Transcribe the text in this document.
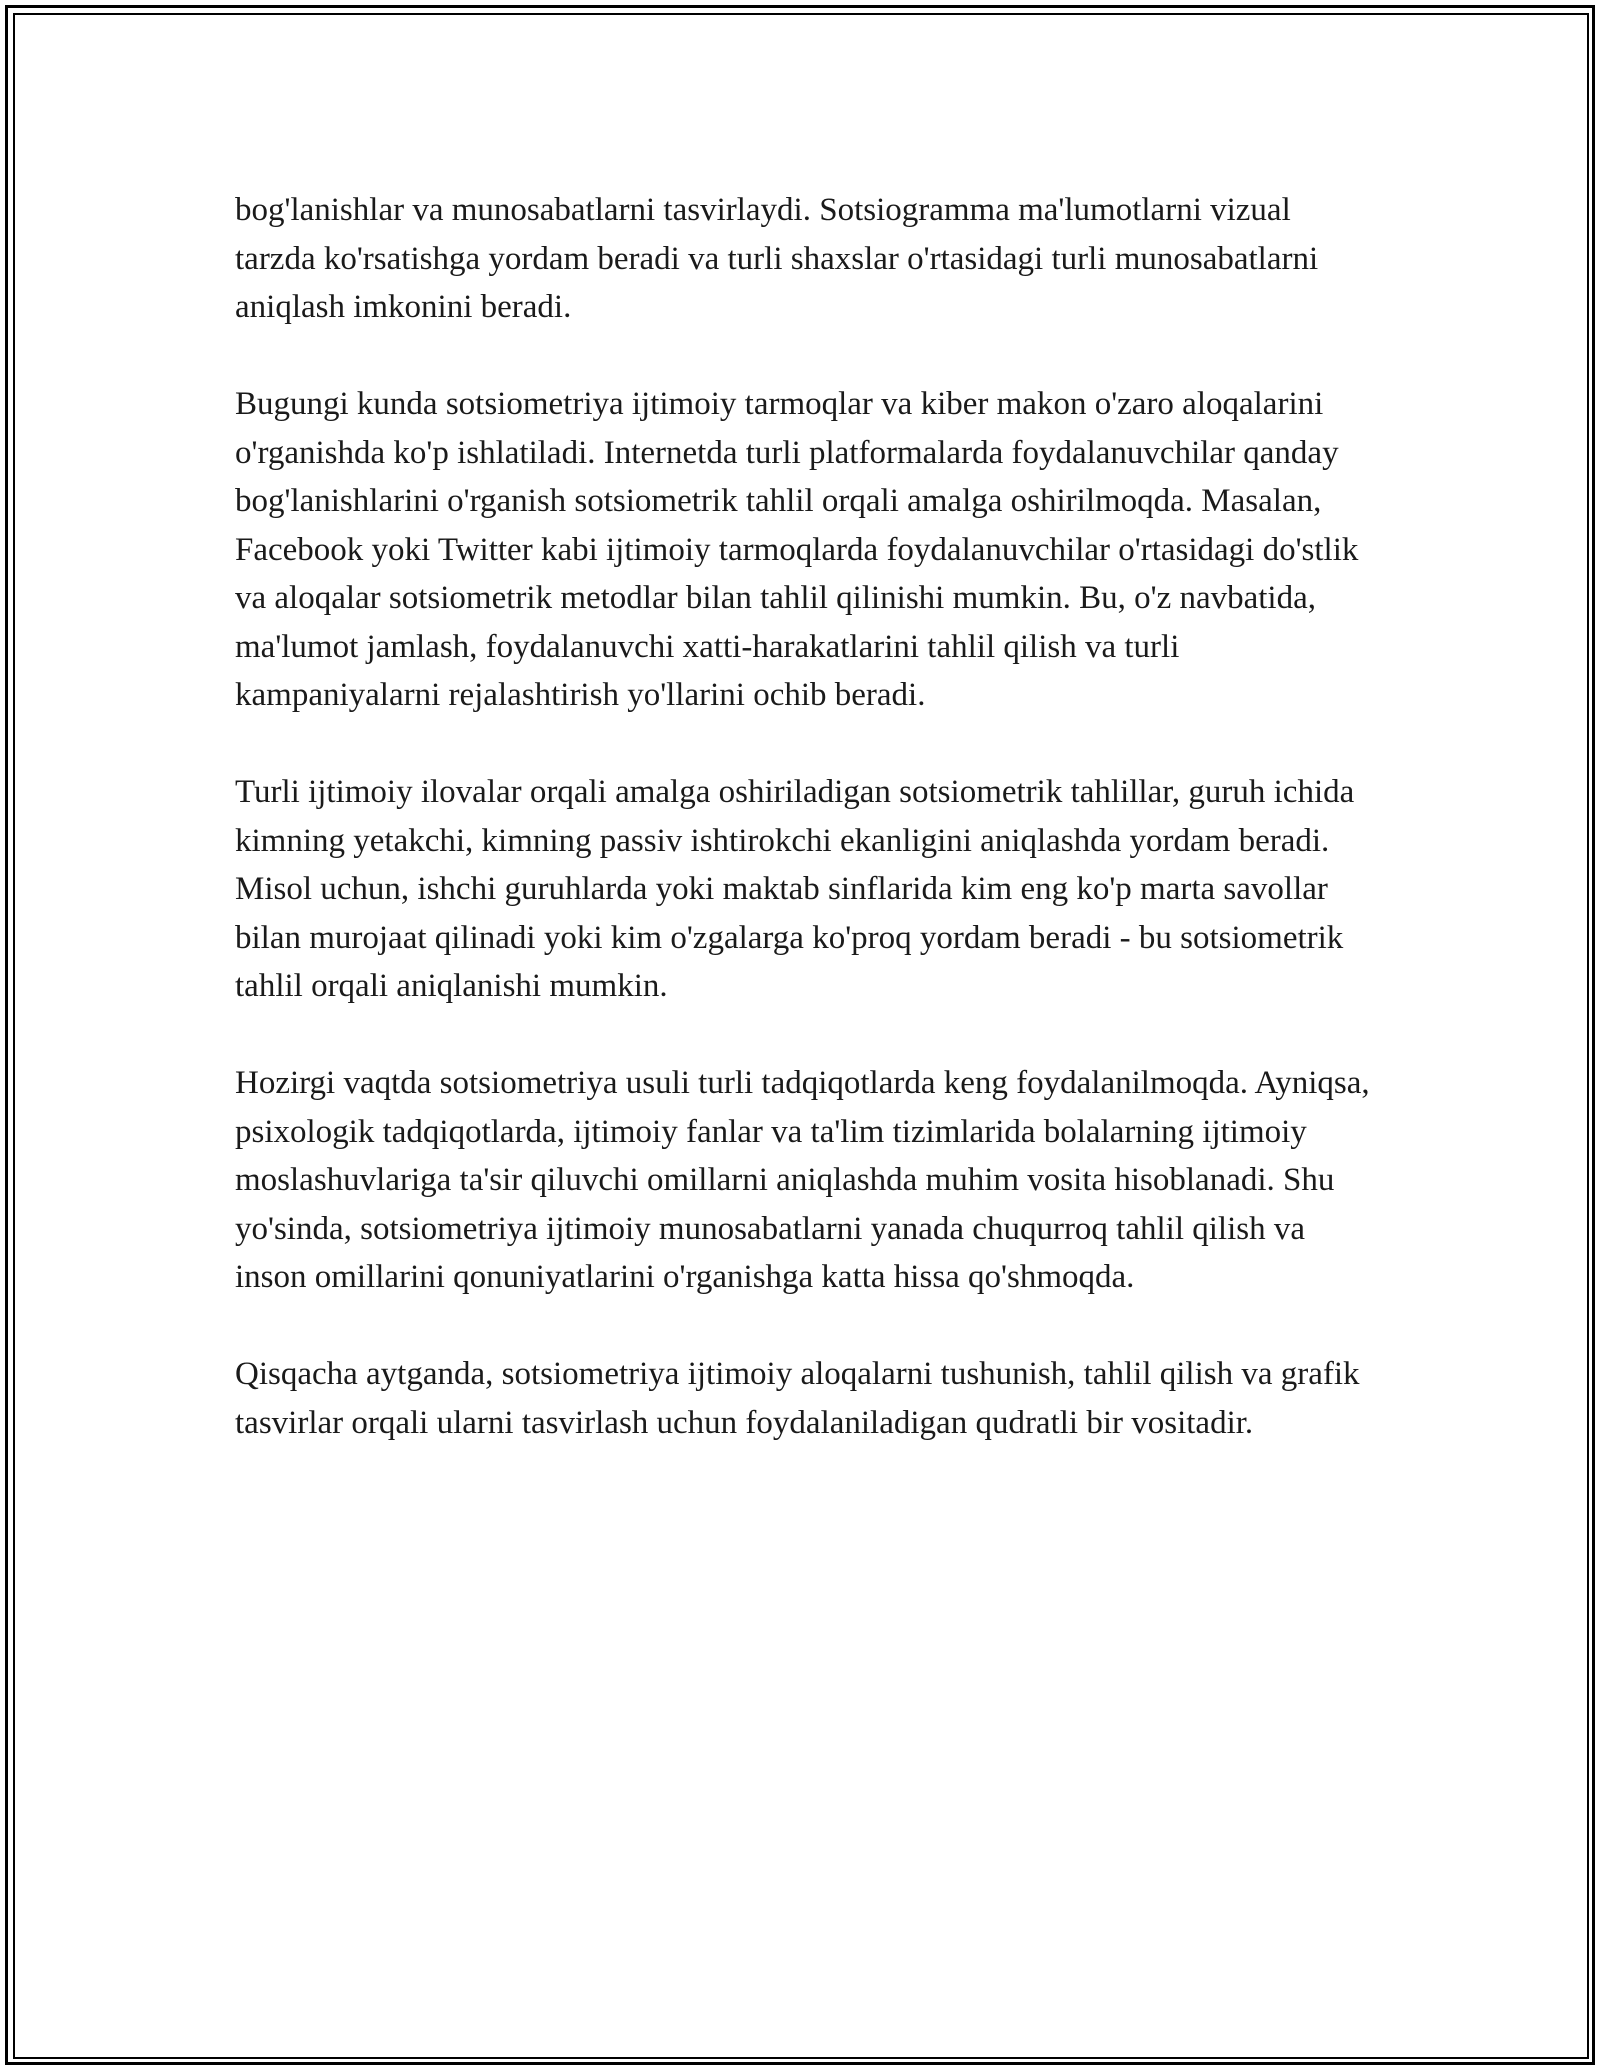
bog'lanishlar va munosabatlarni tasvirlaydi. Sotsiogramma ma'lumotlarni vizual tarzda ko'rsatishga yordam beradi va turli shaxslar o'rtasidagi turli munosabatlarni aniqlash imkonini beradi.

Bugungi kunda sotsiometriya ijtimoiy tarmoqlar va kiber makon o'zaro aloqalarini o'rganishda ko'p ishlatiladi. Internetda turli platformalarda foydalanuvchilar qanday bog'lanishlarini o'rganish sotsiometrik tahlil orqali amalga oshirilmoqda. Masalan, Facebook yoki Twitter kabi ijtimoiy tarmoqlarda foydalanuvchilar o'rtasidagi do'stlik va aloqalar sotsiometrik metodlar bilan tahlil qilinishi mumkin. Bu, o'z navbatida, ma'lumot jamlash, foydalanuvchi xatti-harakatlarini tahlil qilish va turli kampaniyalarni rejalashtirish yo'llarini ochib beradi.

Turli ijtimoiy ilovalar orqali amalga oshiriladigan sotsiometrik tahlillar, guruh ichida kimning yetakchi, kimning passiv ishtirokchi ekanligini aniqlashda yordam beradi. Misol uchun, ishchi guruhlarda yoki maktab sinflarida kim eng ko'p marta savollar bilan murojaat qilinadi yoki kim o'zgalarga ko'proq yordam beradi - bu sotsiometrik tahlil orqali aniqlanishi mumkin.

Hozirgi vaqtda sotsiometriya usuli turli tadqiqotlarda keng foydalanilmoqda. Ayniqsa, psixologik tadqiqotlarda, ijtimoiy fanlar va ta'lim tizimlarida bolalarning ijtimoiy moslashuvlariga ta'sir qiluvchi omillarni aniqlashda muhim vosita hisoblanadi. Shu yo'sinda, sotsiometriya ijtimoiy munosabatlarni yanada chuqurroq tahlil qilish va inson omillarini qonuniyatlarini o'rganishga katta hissa qo'shmoqda.

Qisqacha aytganda, sotsiometriya ijtimoiy aloqalarni tushunish, tahlil qilish va grafik tasvirlar orqali ularni tasvirlash uchun foydalaniladigan qudratli bir vositadir.
